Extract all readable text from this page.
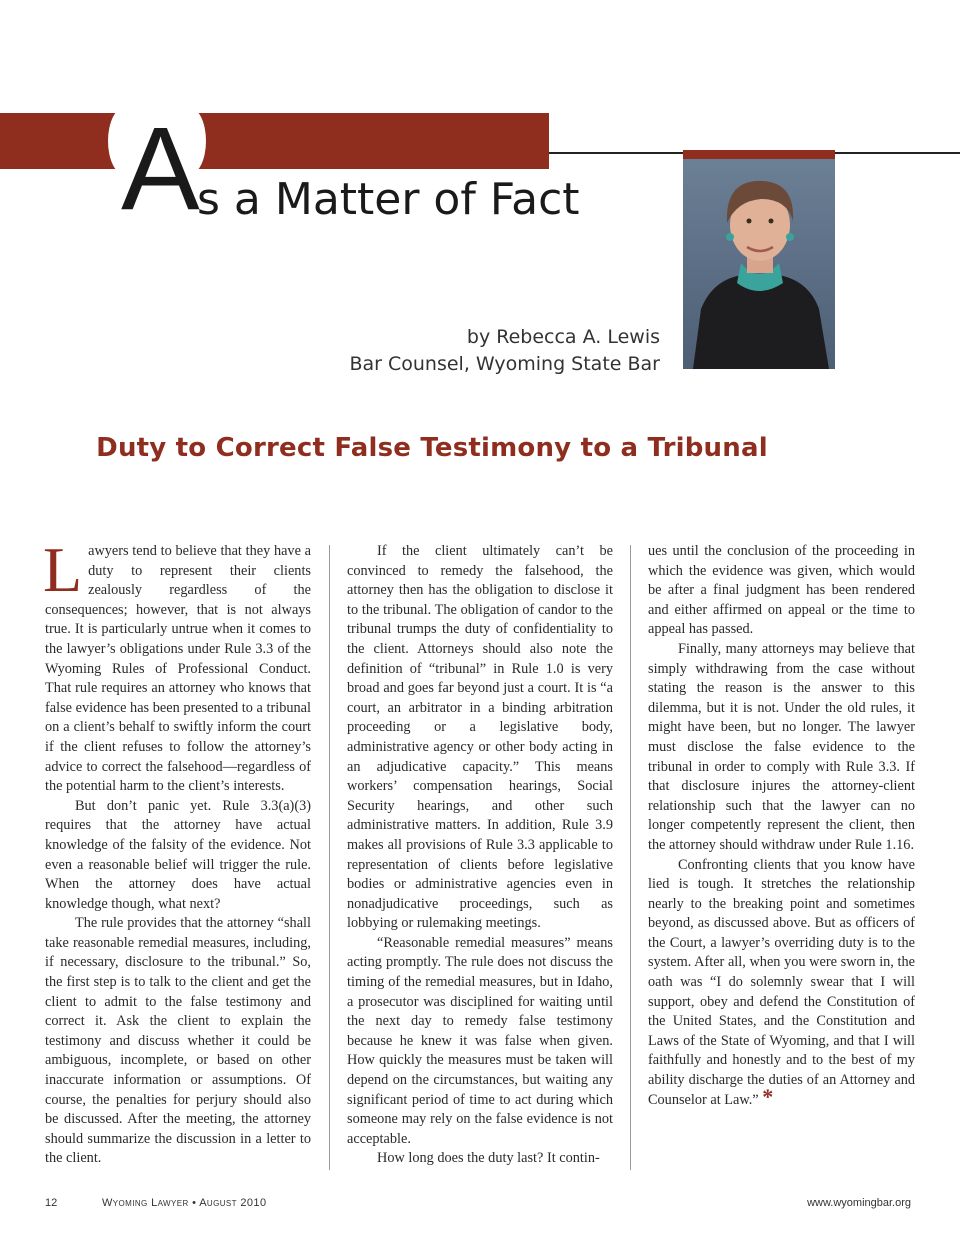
A s a Matter of Fact
by Rebecca A. Lewis
Bar Counsel, Wyoming State Bar
Duty to Correct False Testimony to a Tribunal

Lawyers tend to believe that they have a duty to represent their clients zealously regardless of the consequences; however, that is not always true. It is particularly untrue when it comes to the lawyer’s obligations under Rule 3.3 of the Wyoming Rules of Professional Conduct. That rule requires an attorney who knows that false evidence has been presented to a tribunal on a client’s behalf to swiftly inform the court if the client refuses to follow the attorney’s advice to correct the falsehood—regardless of the potential harm to the client’s interests.

But don’t panic yet. Rule 3.3(a)(3) requires that the attorney have actual knowledge of the falsity of the evidence. Not even a reasonable belief will trigger the rule. When the attorney does have actual knowledge though, what next?

The rule provides that the attorney “shall take reasonable remedial measures, including, if necessary, disclosure to the tribunal.” So, the first step is to talk to the client and get the client to admit to the false testimony and correct it. Ask the client to explain the testimony and discuss whether it could be ambiguous, incomplete, or based on other inaccurate information or assumptions. Of course, the penalties for perjury should also be discussed. After the meeting, the attorney should summarize the discussion in a letter to the client.

If the client ultimately can’t be convinced to remedy the falsehood, the attorney then has the obligation to disclose it to the tribunal. The obligation of candor to the tribunal trumps the duty of confidentiality to the client. Attorneys should also note the definition of “tribunal” in Rule 1.0 is very broad and goes far beyond just a court. It is “a court, an arbitrator in a binding arbitration proceeding or a legislative body, administrative agency or other body acting in an adjudicative capacity.” This means workers’ compensation hearings, Social Security hearings, and other such administrative matters. In addition, Rule 3.9 makes all provisions of Rule 3.3 applicable to representation of clients before legislative bodies or administrative agencies even in nonadjudicative proceedings, such as lobbying or rulemaking meetings.

“Reasonable remedial measures” means acting promptly. The rule does not discuss the timing of the remedial measures, but in Idaho, a prosecutor was disciplined for waiting until the next day to remedy false testimony because he knew it was false when given. How quickly the measures must be taken will depend on the circumstances, but waiting any significant period of time to act during which someone may rely on the false evidence is not acceptable.

How long does the duty last? It contin-

ues until the conclusion of the proceeding in which the evidence was given, which would be after a final judgment has been rendered and either affirmed on appeal or the time to appeal has passed.

Finally, many attorneys may believe that simply withdrawing from the case without stating the reason is the answer to this dilemma, but it is not. Under the old rules, it might have been, but no longer. The lawyer must disclose the false evidence to the tribunal in order to comply with Rule 3.3. If that disclosure injures the attorney-client relationship such that the lawyer can no longer competently represent the client, then the attorney should withdraw under Rule 1.16.

Confronting clients that you know have lied is tough. It stretches the relationship nearly to the breaking point and sometimes beyond, as discussed above. But as officers of the Court, a lawyer’s overriding duty is to the system. After all, when you were sworn in, the oath was “I do solemnly swear that I will support, obey and defend the Constitution of the United States, and the Constitution and Laws of the State of Wyoming, and that I will faithfully and honestly and to the best of my ability discharge the duties of an Attorney and Counselor at Law.” *

12	Wyoming Lawyer • August 2010	www.wyomingbar.org
